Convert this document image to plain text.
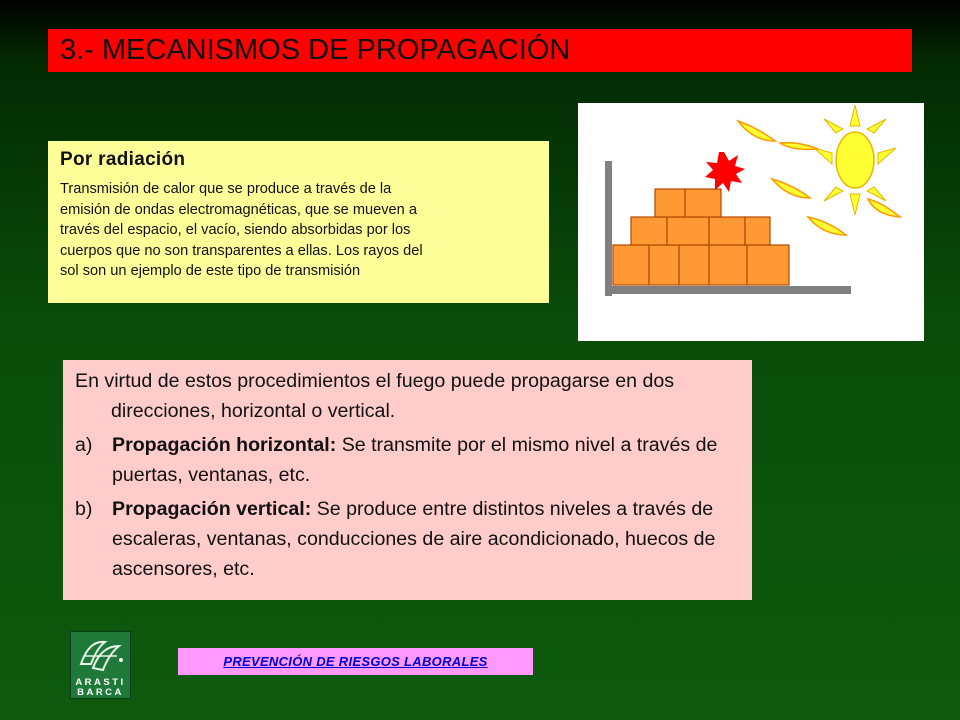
3.- MECANISMOS DE PROPAGACIÓN
Por radiación
Transmisión de calor que se produce a través de la
emisión de ondas electromagnéticas, que se mueven a
través del espacio, el vacío, siendo absorbidas por los
cuerpos que no son transparentes a ellas. Los rayos del
sol son un ejemplo de este tipo de transmisión
En virtud de estos procedimientos el fuego puede propagarse en dos direcciones, horizontal o vertical.
a) Propagación horizontal: Se transmite por el mismo nivel a través de puertas, ventanas, etc.
b) Propagación vertical: Se produce entre distintos niveles a través de escaleras, ventanas, conducciones de aire acondicionado, huecos de ascensores, etc.
ARASTI
BARCA
PREVENCIÓN DE RIESGOS LABORALES
